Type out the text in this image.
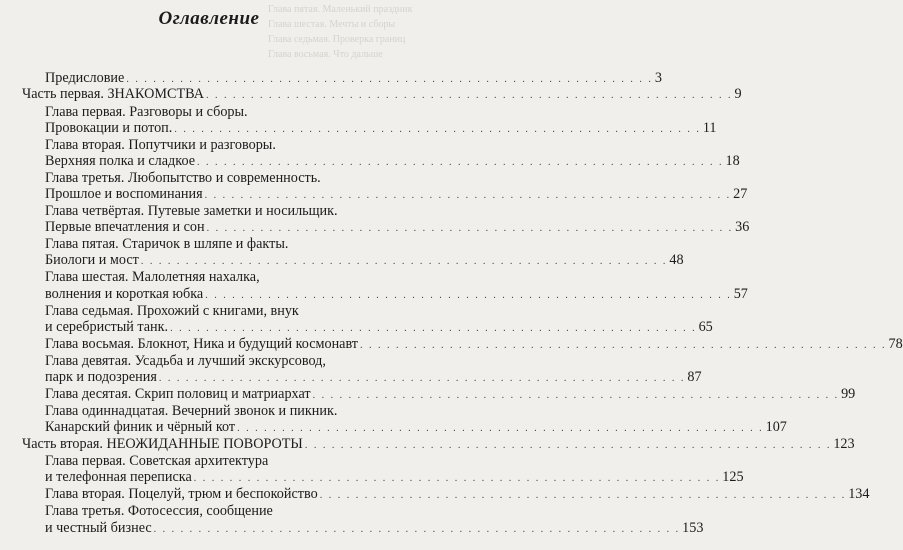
Глава пятая. Маленький праздник
Глава шестая. Мечты и сборы
Глава седьмая. Проверка границ
Глава восьмая. Что дальше
Оглавление
Предисловие . . . . . . . . . . . . . . . . . . . . . . . . . . . . . . . . . . . . . . . . . . . . . . . . . . . . . . . . . . . 3
Часть первая. ЗНАКОМСТВА . . . . . . . . . . . . . . . . . . . . . . . . . . . . . . . . . . . . . . . . . . . . . . . . . . . . . . . . . . . 9
Глава первая. Разговоры и сборы.
Провокации и потоп. . . . . . . . . . . . . . . . . . . . . . . . . . . . . . . . . . . . . . . . . . . . . . . . . . . . . . . . . . . . 11
Глава вторая. Попутчики и разговоры.
Верхняя полка и сладкое . . . . . . . . . . . . . . . . . . . . . . . . . . . . . . . . . . . . . . . . . . . . . . . . . . . . . . . . . . . 18
Глава третья. Любопытство и современность.
Прошлое и воспоминания . . . . . . . . . . . . . . . . . . . . . . . . . . . . . . . . . . . . . . . . . . . . . . . . . . . . . . . . . . . 27
Глава четвёртая. Путевые заметки и носильщик.
Первые впечатления и сон . . . . . . . . . . . . . . . . . . . . . . . . . . . . . . . . . . . . . . . . . . . . . . . . . . . . . . . . . . . 36
Глава пятая. Старичок в шляпе и факты.
Биологи и мост . . . . . . . . . . . . . . . . . . . . . . . . . . . . . . . . . . . . . . . . . . . . . . . . . . . . . . . . . . . 48
Глава шестая. Малолетняя нахалка,
волнения и короткая юбка . . . . . . . . . . . . . . . . . . . . . . . . . . . . . . . . . . . . . . . . . . . . . . . . . . . . . . . . . . . 57
Глава седьмая. Прохожий с книгами, внук
и серебристый танк. . . . . . . . . . . . . . . . . . . . . . . . . . . . . . . . . . . . . . . . . . . . . . . . . . . . . . . . . . . . 65
Глава восьмая. Блокнот, Ника и будущий космонавт . . . . . . . . . . . . . . . . . . . . . . . . . . . . . . . . . . . . . . . . . . . . . . . . . . . . . . . . . . . 78
Глава девятая. Усадьба и лучший экскурсовод,
парк и подозрения . . . . . . . . . . . . . . . . . . . . . . . . . . . . . . . . . . . . . . . . . . . . . . . . . . . . . . . . . . . 87
Глава десятая. Скрип половиц и матриархат . . . . . . . . . . . . . . . . . . . . . . . . . . . . . . . . . . . . . . . . . . . . . . . . . . . . . . . . . . . 99
Глава одиннадцатая. Вечерний звонок и пикник.
Канарский финик и чёрный кот . . . . . . . . . . . . . . . . . . . . . . . . . . . . . . . . . . . . . . . . . . . . . . . . . . . . . . . . . . . 107
Часть вторая. НЕОЖИДАННЫЕ ПОВОРОТЫ . . . . . . . . . . . . . . . . . . . . . . . . . . . . . . . . . . . . . . . . . . . . . . . . . . . . . . . . . . . 123
Глава первая. Советская архитектура
и телефонная переписка . . . . . . . . . . . . . . . . . . . . . . . . . . . . . . . . . . . . . . . . . . . . . . . . . . . . . . . . . . . 125
Глава вторая. Поцелуй, трюм и беспокойство . . . . . . . . . . . . . . . . . . . . . . . . . . . . . . . . . . . . . . . . . . . . . . . . . . . . . . . . . . . 134
Глава третья. Фотосессия, сообщение
и честный бизнес . . . . . . . . . . . . . . . . . . . . . . . . . . . . . . . . . . . . . . . . . . . . . . . . . . . . . . . . . . . 153
